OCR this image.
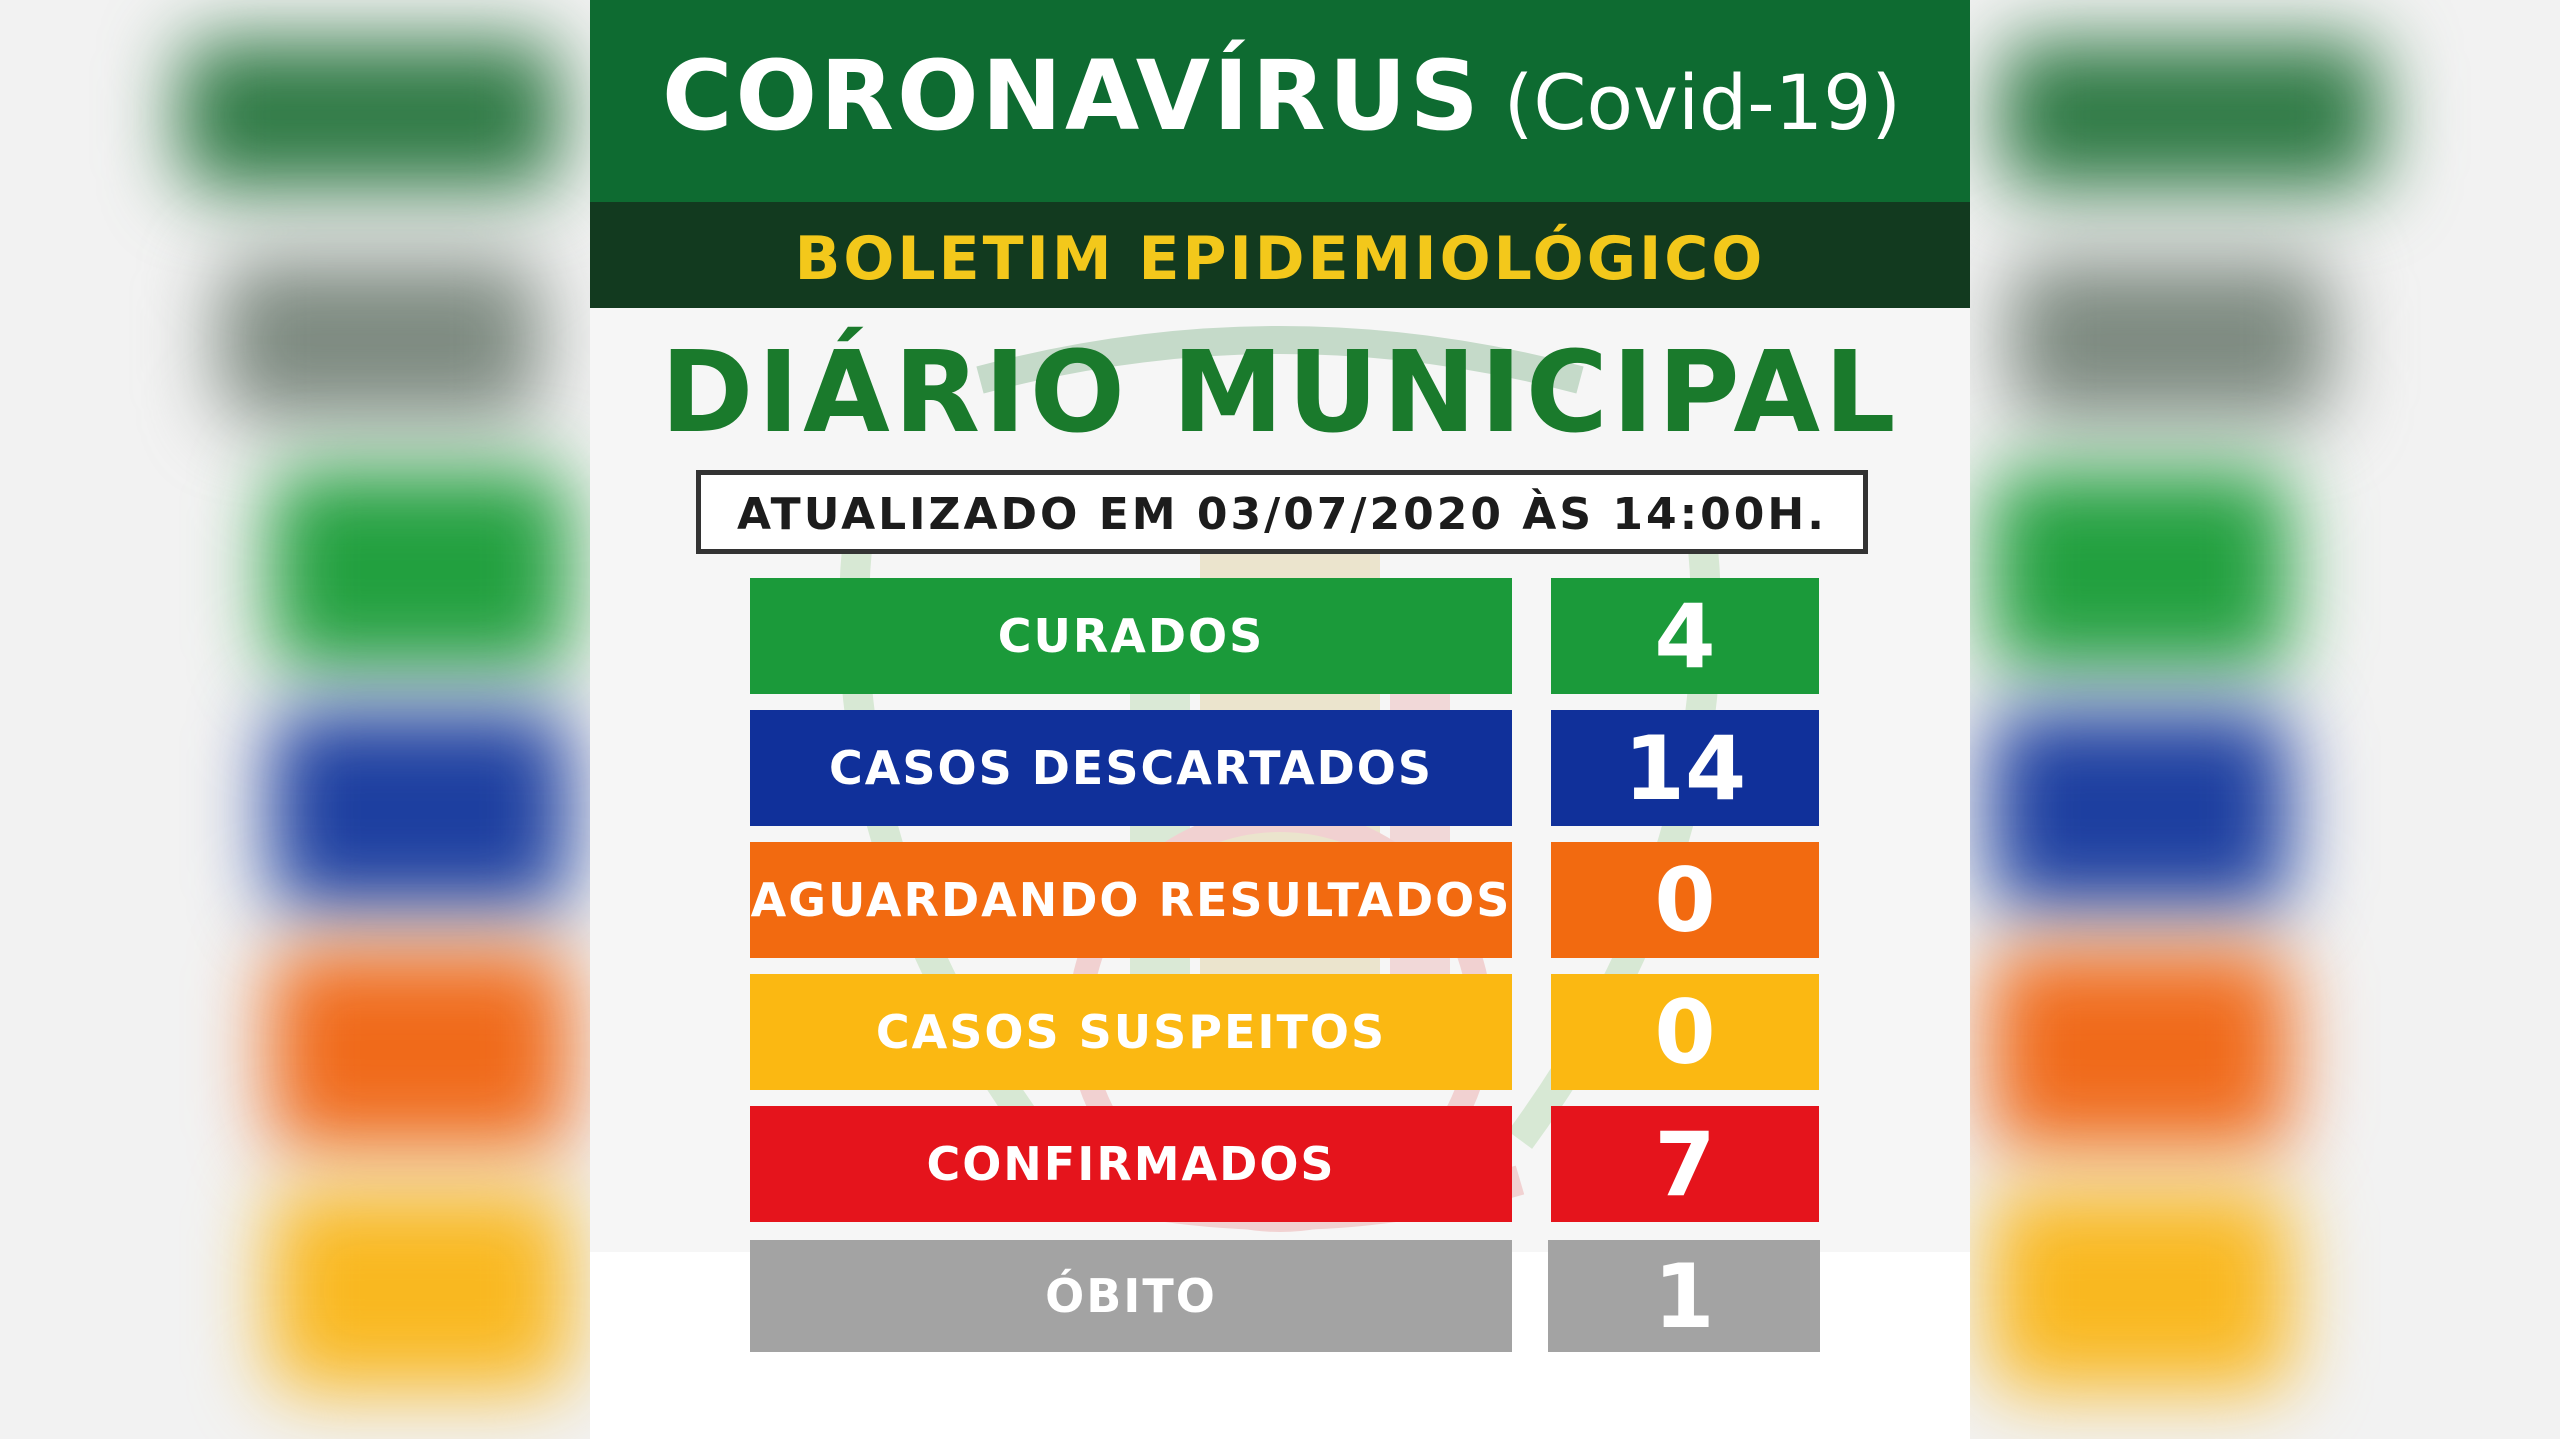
CORONAVÍRUS (Covid-19)
BOLETIM EPIDEMIOLÓGICO
DIÁRIO MUNICIPAL
ATUALIZADO EM 03/07/2020 ÀS 14:00H.
CURADOS	4
CASOS DESCARTADOS	14
AGUARDANDO RESULTADOS	0
CASOS SUSPEITOS	0
CONFIRMADOS	7
ÓBITO	1
